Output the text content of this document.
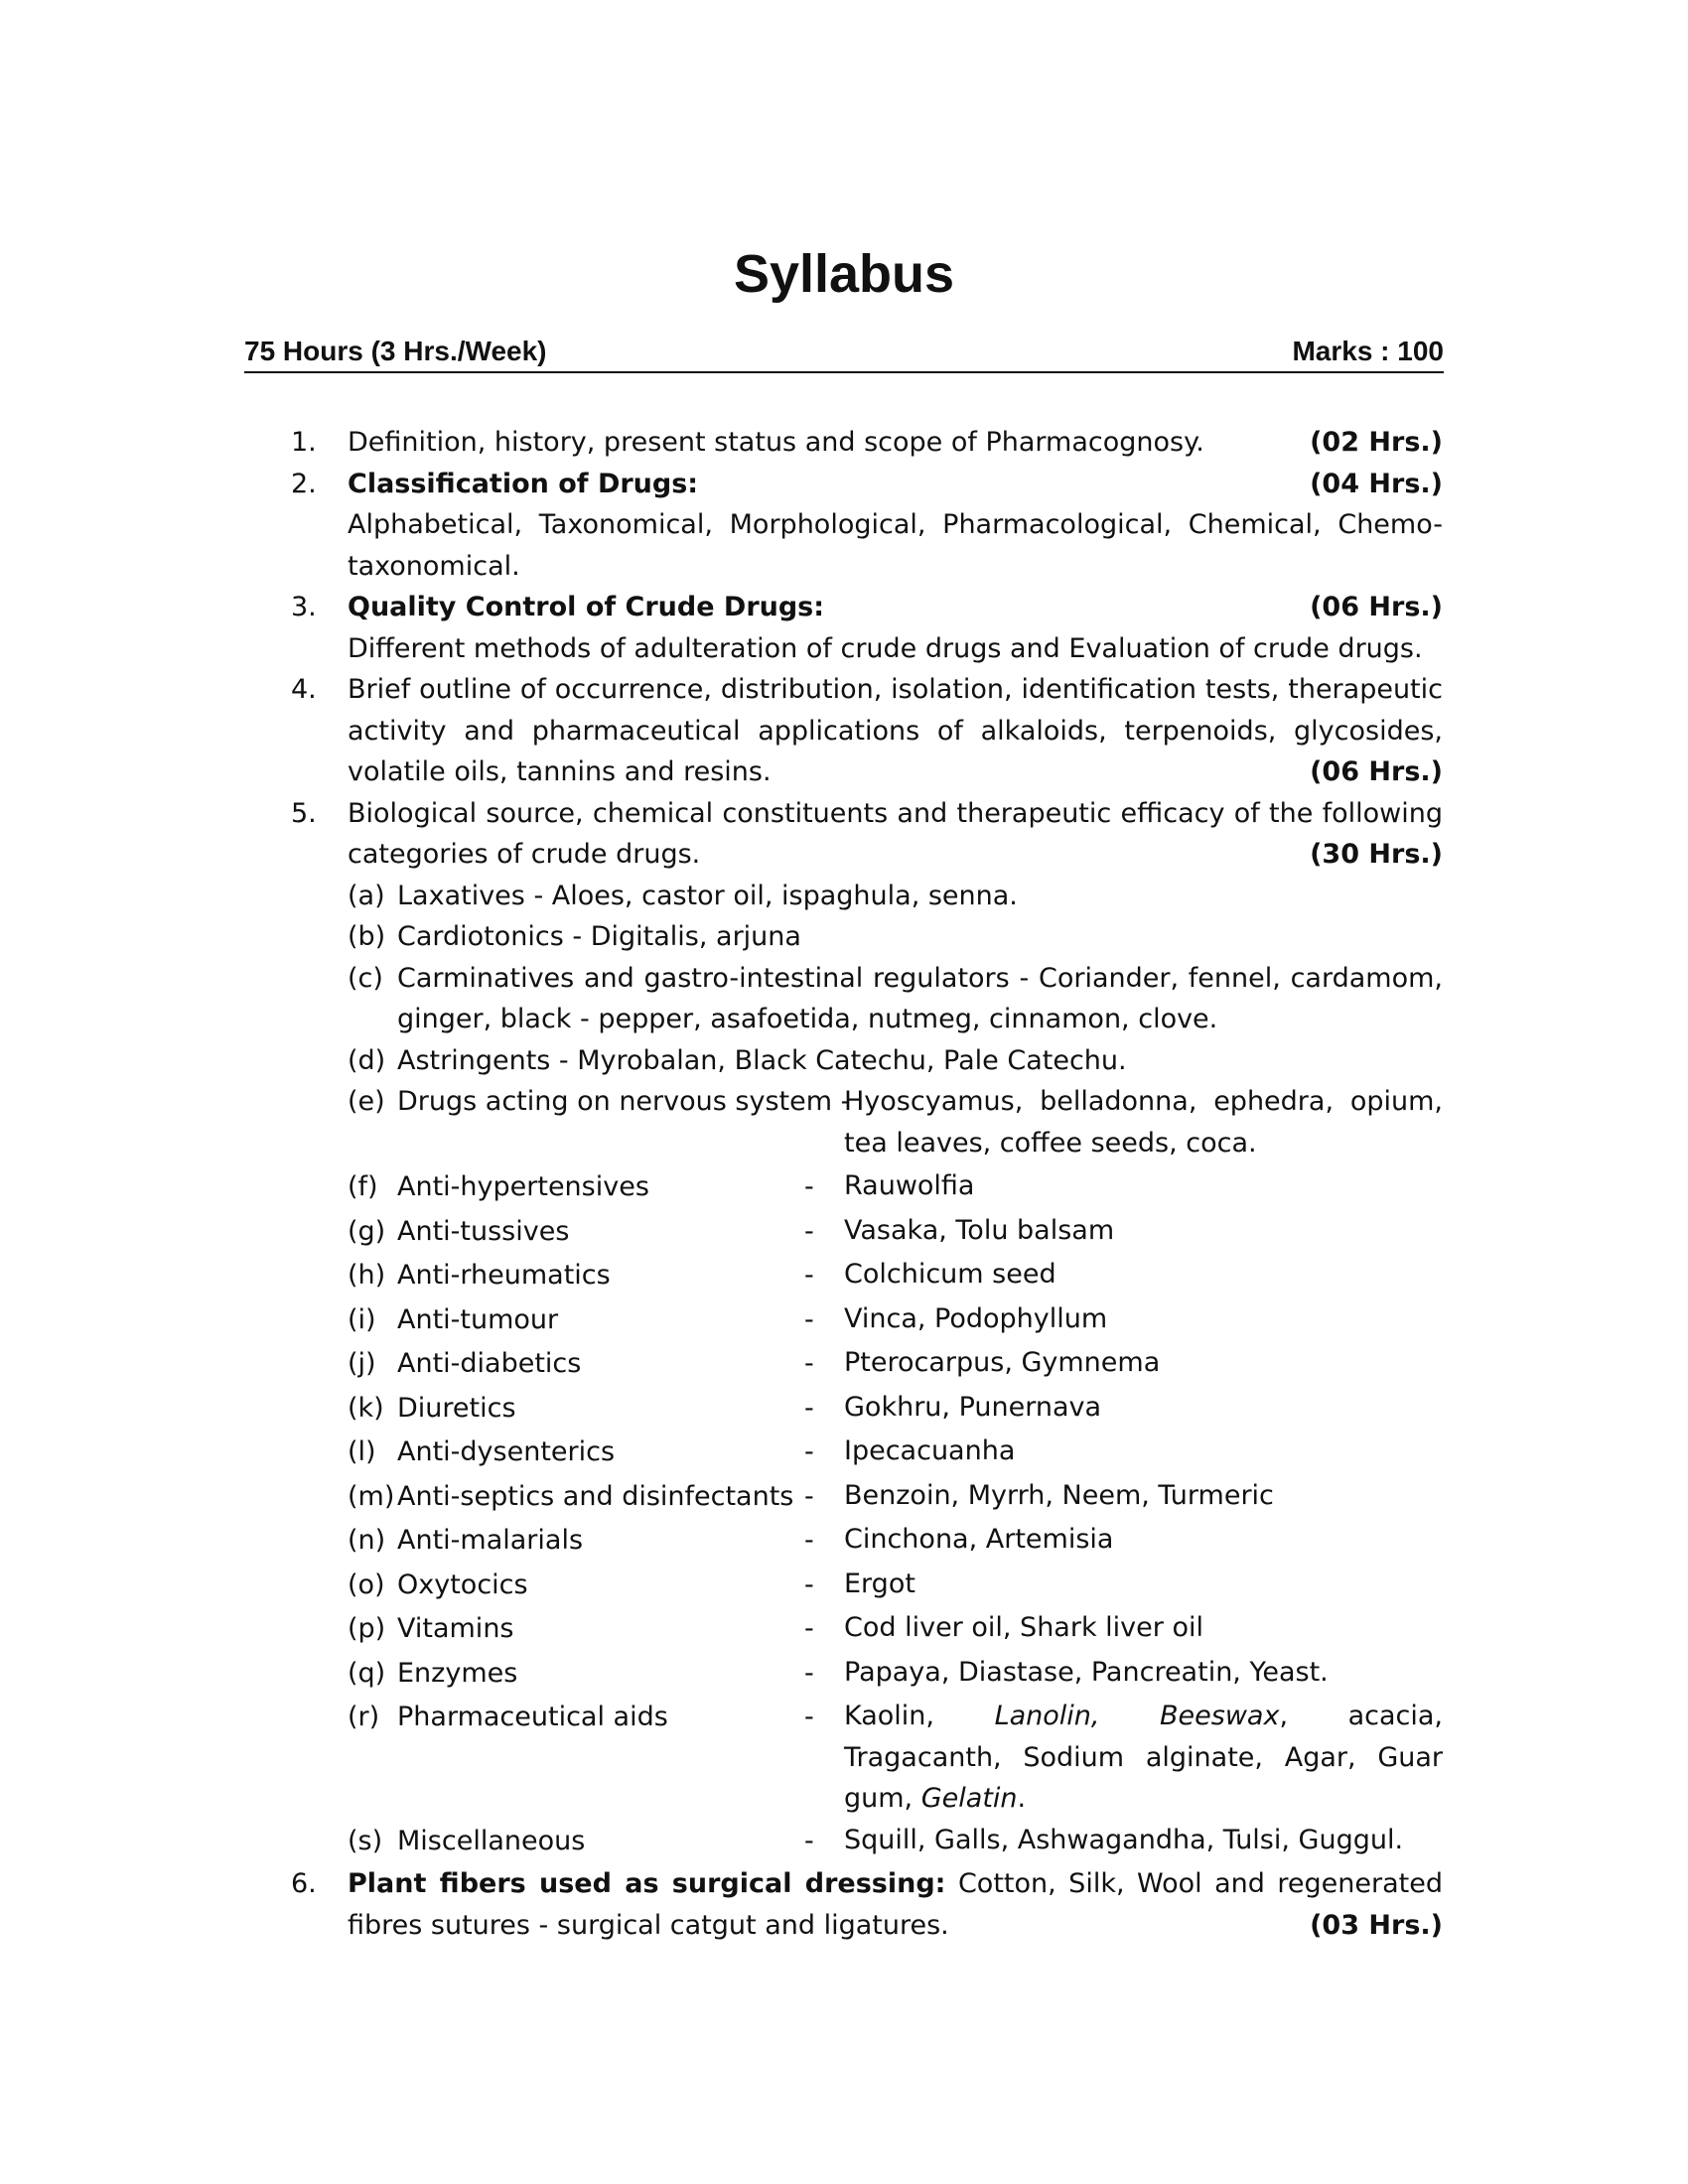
Syllabus
75 Hours (3 Hrs./Week)	Marks : 100
1. Definition, history, present status and scope of Pharmacognosy.	(02 Hrs.)
2. Classification of Drugs:	(04 Hrs.)
Alphabetical, Taxonomical, Morphological, Pharmacological, Chemical, Chemo-taxonomical.
3. Quality Control of Crude Drugs:	(06 Hrs.)
Different methods of adulteration of crude drugs and Evaluation of crude drugs.
4. Brief outline of occurrence, distribution, isolation, identification tests, therapeutic activity and pharmaceutical applications of alkaloids, terpenoids, glycosides, volatile oils, tannins and resins.	(06 Hrs.)
5. Biological source, chemical constituents and therapeutic efficacy of the following categories of crude drugs.	(30 Hrs.)
(a) Laxatives - Aloes, castor oil, ispaghula, senna.
(b) Cardiotonics - Digitalis, arjuna
(c) Carminatives and gastro-intestinal regulators - Coriander, fennel, cardamom, ginger, black - pepper, asafoetida, nutmeg, cinnamon, clove.
(d) Astringents - Myrobalan, Black Catechu, Pale Catechu.
(e) Drugs acting on nervous system -
Hyoscyamus, belladonna, ephedra, opium, tea leaves, coffee seeds, coca.
(f) Anti-hypertensives	-	Rauwolfia
(g) Anti-tussives	-	Vasaka, Tolu balsam
(h) Anti-rheumatics	-	Colchicum seed
(i) Anti-tumour	-	Vinca, Podophyllum
(j) Anti-diabetics	-	Pterocarpus, Gymnema
(k) Diuretics	-	Gokhru, Punernava
(l) Anti-dysenterics	-	Ipecacuanha
(m) Anti-septics and disinfectants -	Benzoin, Myrrh, Neem, Turmeric
(n) Anti-malarials	-	Cinchona, Artemisia
(o) Oxytocics	-	Ergot
(p) Vitamins	-	Cod liver oil, Shark liver oil
(q) Enzymes	-	Papaya, Diastase, Pancreatin, Yeast.
(r) Pharmaceutical aids	-	Kaolin, Lanolin, Beeswax, acacia, Tragacanth, Sodium alginate, Agar, Guar gum, Gelatin.
(s) Miscellaneous	-	Squill, Galls, Ashwagandha, Tulsi, Guggul.
6. Plant fibers used as surgical dressing: Cotton, Silk, Wool and regenerated fibres sutures - surgical catgut and ligatures.	(03 Hrs.)
